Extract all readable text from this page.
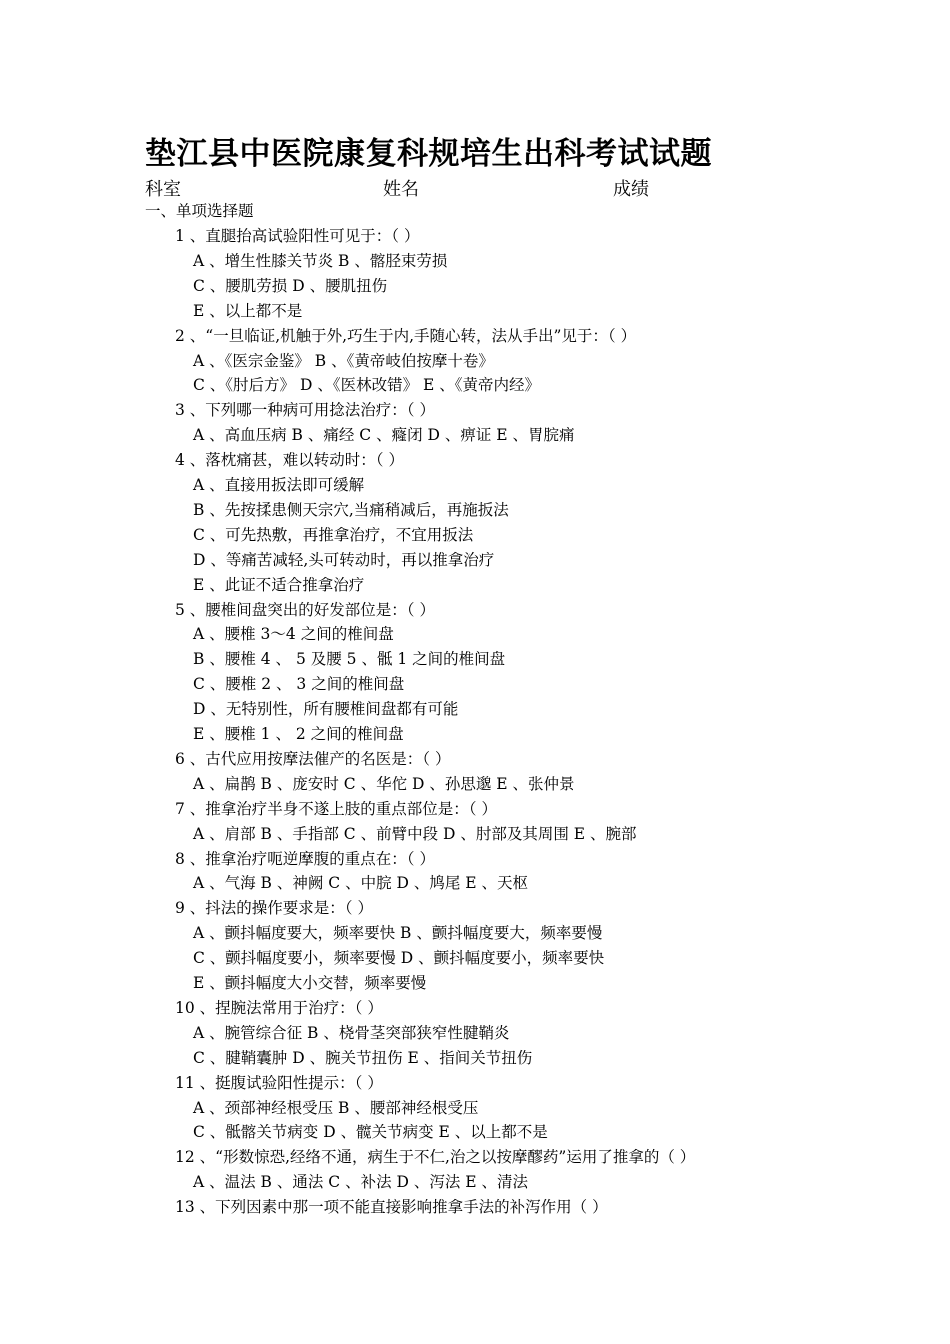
垫江县中医院康复科规培生出科考试试题
科室	姓名	成绩
一、单项选择题
1 、直腿抬高试验阳性可见于：（ ）
A 、增生性膝关节炎 B 、髂胫束劳损
C 、腰肌劳损 D 、腰肌扭伤
E 、以上都不是
2 、“一旦临证,机触于外,巧生于内,手随心转，法从手出”见于：（ ）
A 、《医宗金鉴》 B 、《黄帝岐伯按摩十卷》
C 、《肘后方》 D 、《医林改错》 E 、《黄帝内经》
3 、下列哪一种病可用捻法治疗：（ ）
A 、高血压病 B 、痛经 C 、癃闭 D 、痹证 E 、胃脘痛
4 、落枕痛甚，难以转动时：（ ）
A 、直接用扳法即可缓解
B 、先按揉患侧天宗穴,当痛稍减后，再施扳法
C 、可先热敷，再推拿治疗，不宜用扳法
D 、等痛苦减轻,头可转动时，再以推拿治疗
E 、此证不适合推拿治疗
5 、腰椎间盘突出的好发部位是：（ ）
A 、腰椎 3～4 之间的椎间盘
B 、腰椎 4 、 5 及腰 5 、骶 1 之间的椎间盘
C 、腰椎 2 、 3 之间的椎间盘
D 、无特别性，所有腰椎间盘都有可能
E 、腰椎 1 、 2 之间的椎间盘
6 、古代应用按摩法催产的名医是：（ ）
A 、扁鹊 B 、庞安时 C 、华佗 D 、孙思邈 E 、张仲景
7 、推拿治疗半身不遂上肢的重点部位是：（ ）
A 、肩部 B 、手指部 C 、前臂中段 D 、肘部及其周围 E 、腕部
8 、推拿治疗呃逆摩腹的重点在：（ ）
A 、气海 B 、神阙 C 、中脘 D 、鸠尾 E 、天枢
9 、抖法的操作要求是：（ ）
A 、颤抖幅度要大，频率要快 B 、颤抖幅度要大，频率要慢
C 、颤抖幅度要小，频率要慢 D 、颤抖幅度要小，频率要快
E 、颤抖幅度大小交替，频率要慢
10 、捏腕法常用于治疗：（ ）
A 、腕管综合征 B 、桡骨茎突部狭窄性腱鞘炎
C 、腱鞘囊肿 D 、腕关节扭伤 E 、指间关节扭伤
11 、挺腹试验阳性提示：（ ）
A 、颈部神经根受压 B 、腰部神经根受压
C 、骶髂关节病变 D 、髋关节病变 E 、以上都不是
12 、“形数惊恐,经络不通，病生于不仁,治之以按摩醪药”运用了推拿的（ ）
A 、温法 B 、通法 C 、补法 D 、泻法 E 、清法
13 、下列因素中那一项不能直接影响推拿手法的补泻作用（ ）
